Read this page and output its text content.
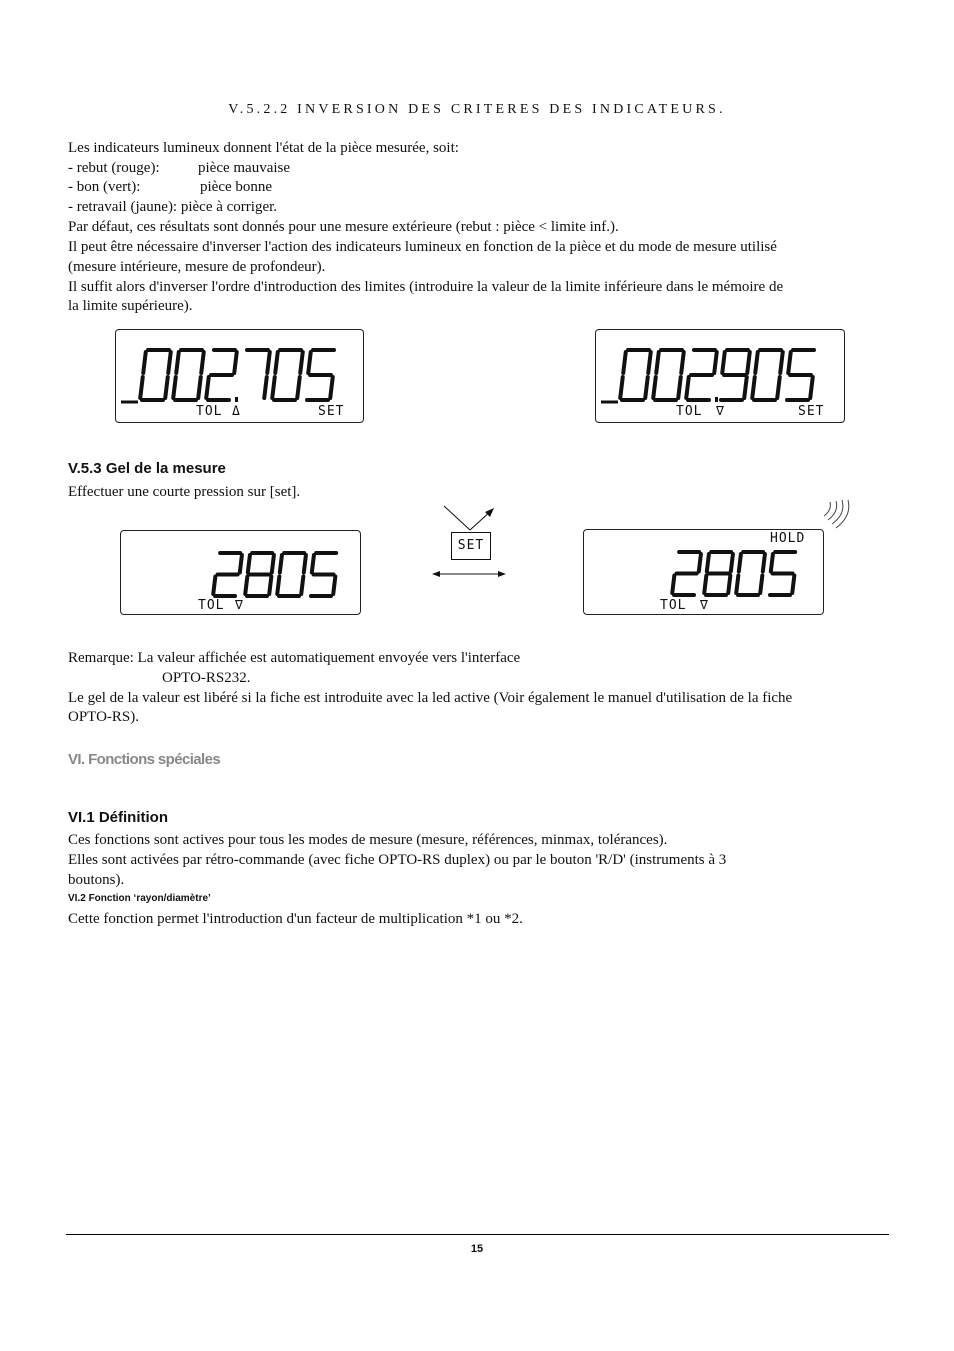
V.5.2.2 INVERSION DES CRITERES DES INDICATEURS.
Les indicateurs lumineux donnent l'état de la pièce mesurée, soit:
- rebut (rouge):	pièce mauvaise
- bon (vert):	pièce bonne
- retravail (jaune): pièce à corriger.
Par défaut, ces résultats sont donnés pour une mesure extérieure (rebut : pièce < limite inf.).
Il peut être nécessaire d'inverser l'action des indicateurs lumineux en fonction de la pièce et du mode de mesure utilisé
(mesure intérieure, mesure de profondeur).
Il suffit alors d'inverser l'ordre d'introduction des limites (introduire la valeur de la limite inférieure dans le mémoire de
la limite supérieure).
TOL Δ	SET	TOL ∇	SET
V.5.3 Gel de la mesure
Effectuer une courte pression sur [set].
TOL ∇
SET	HOLD
TOL ∇
Remarque: La valeur affichée est automatiquement envoyée vers l'interface
OPTO-RS232.
Le gel de la valeur est libéré si la fiche est introduite avec la led active (Voir également le manuel d'utilisation de la fiche
OPTO-RS).
VI. Fonctions spéciales
VI.1 Définition
Ces fonctions sont actives pour tous les modes de mesure (mesure, références, minmax, tolérances).
Elles sont activées par rétro-commande (avec fiche OPTO-RS duplex) ou par le bouton 'R/D' (instruments à 3
boutons).
VI.2 Fonction ‘rayon/diamètre’
Cette fonction permet l'introduction d'un facteur de multiplication *1 ou *2.
15
